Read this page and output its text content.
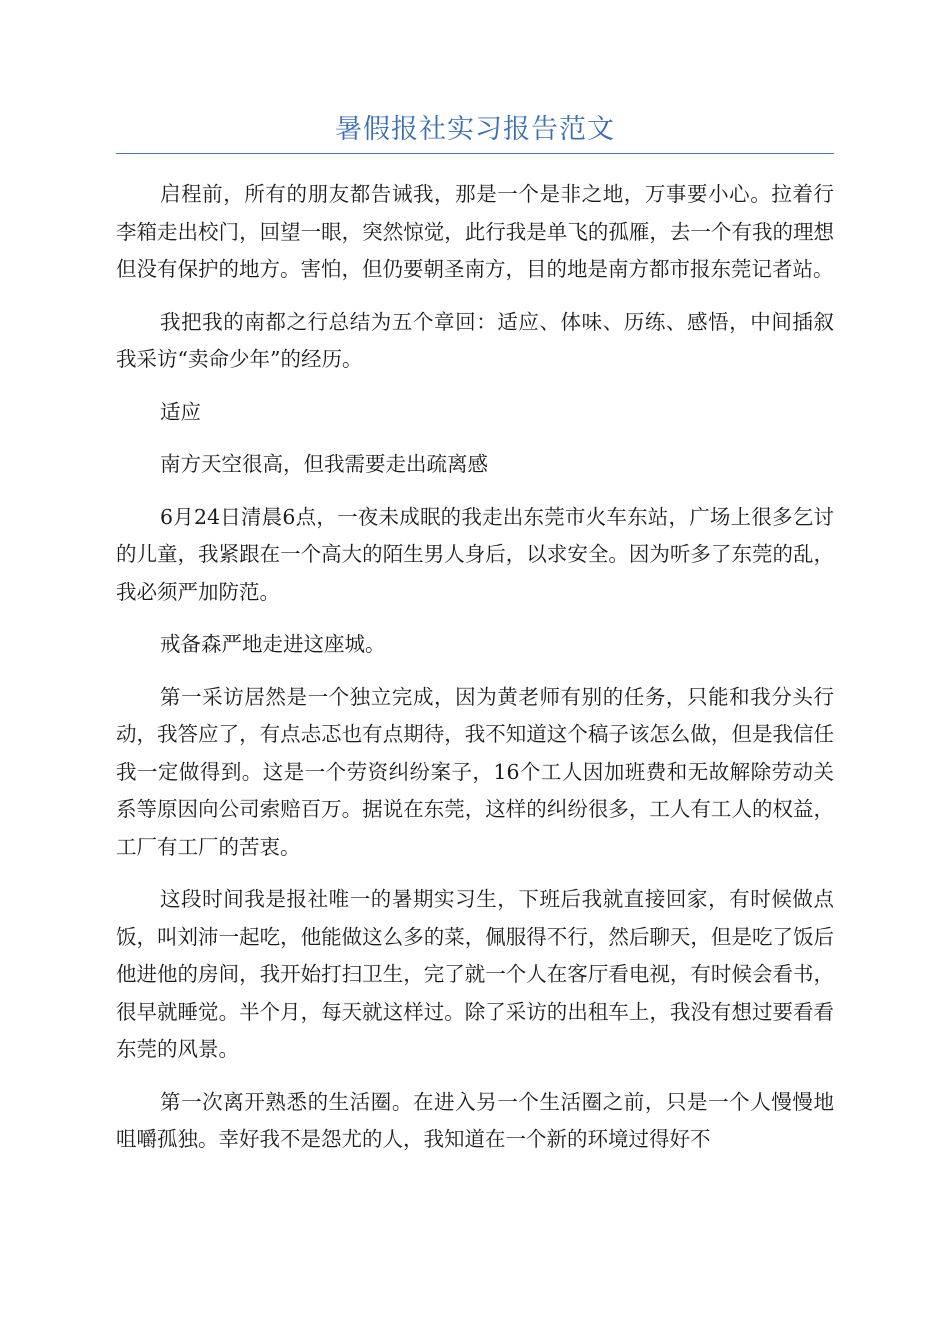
暑假报社实习报告范文

启程前，所有的朋友都告诫我，那是一个是非之地，万事要小心。拉着行李箱走出校门，回望一眼，突然惊觉，此行我是单飞的孤雁，去一个有我的理想但没有保护的地方。害怕，但仍要朝圣南方，目的地是南方都市报东莞记者站。

我把我的南都之行总结为五个章回：适应、体味、历练、感悟，中间插叙我采访“卖命少年”的经历。

适应

南方天空很高，但我需要走出疏离感

6月24日清晨6点，一夜未成眠的我走出东莞市火车东站，广场上很多乞讨的儿童，我紧跟在一个高大的陌生男人身后，以求安全。因为听多了东莞的乱，我必须严加防范。

戒备森严地走进这座城。

第一采访居然是一个独立完成，因为黄老师有别的任务，只能和我分头行动，我答应了，有点忐忑也有点期待，我不知道这个稿子该怎么做，但是我信任我一定做得到。这是一个劳资纠纷案子，16个工人因加班费和无故解除劳动关系等原因向公司索赔百万。据说在东莞，这样的纠纷很多，工人有工人的权益，工厂有工厂的苦衷。

这段时间我是报社唯一的暑期实习生，下班后我就直接回家，有时候做点饭，叫刘沛一起吃，他能做这么多的菜，佩服得不行，然后聊天，但是吃了饭后他进他的房间，我开始打扫卫生，完了就一个人在客厅看电视，有时候会看书，很早就睡觉。半个月，每天就这样过。除了采访的出租车上，我没有想过要看看东莞的风景。

第一次离开熟悉的生活圈。在进入另一个生活圈之前，只是一个人慢慢地咀嚼孤独。幸好我不是怨尤的人，我知道在一个新的环境过得好不
